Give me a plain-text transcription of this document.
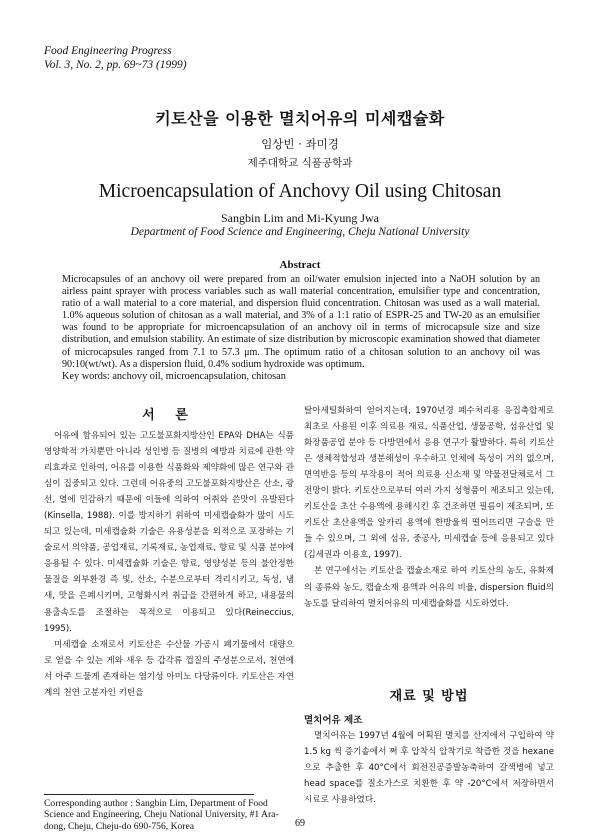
Food Engineering Progress
Vol. 3, No. 2, pp. 69~73 (1999)
키토산을 이용한 멸치어유의 미세캡슐화
임상빈 · 좌미경
제주대학교 식품공학과
Microencapsulation of Anchovy Oil using Chitosan
Sangbin Lim and Mi-Kyung Jwa
Department of Food Science and Engineering, Cheju National University
Abstract
Microcapsules of an anchovy oil were prepared from an oil/water emulsion injected into a NaOH solution by an airless paint sprayer with process variables such as wall material concentration, emulsifier type and concentration, ratio of a wall material to a core material, and dispersion fluid concentration. Chitosan was used as a wall material. 1.0% aqueous solution of chitosan as a wall material, and 3% of a 1:1 ratio of ESPR-25 and TW-20 as an emulsifier was found to be appropriate for microencapsulation of an anchovy oil in terms of microcapsule size and size distribution, and emulsion stability. An estimate of size distribution by microscopic examination showed that diameter of microcapsules ranged from 7.1 to 57.3 μm. The optimum ratio of a chitosan solution to an anchovy oil was 90:10(wt/wt). As a dispersion fluid, 0.4% sodium hydroxide was optimum.
Key words: anchovy oil, microencapsulation, chitosan
서 론

어유에 함유되어 있는 고도불포화지방산인 EPA와 DHA는 식품영양학적 가치뿐만 아니라 성인병 등 질병의 예방과 치료에 관한 약리효과로 인하여, 어유를 이용한 식품화와 제약화에 많은 연구와 관심이 집중되고 있다. 그런데 어유중의 고도불포화지방산은 산소, 광선, 열에 민감하기 때문에 이들에 의하여 어취와 쓴맛이 유발된다 (Kinsella, 1988). 이를 방지하기 위하여 미세캡슐화가 많이 시도되고 있는데, 미세캡슐화 기술은 유용성분을 외적으로 포장하는 기술로서 의약품, 공업재료, 기록재료, 농업재료, 향료 및 식품 분야에 응용될 수 있다. 미세캡슐화 기술은 향료, 영양성분 등의 불안정한 물질을 외부환경 즉 빛, 산소, 수분으로부터 격리시키고, 독성, 냄새, 맛을 은폐시키며, 고형화시켜 취급을 간편하게 하고, 내용물의 용출속도를 조절하는 목적으로 이용되고 있다(Reineccius, 1995).

미세캡슐 소재로서 키토산은 수산물 가공시 폐기물에서 대량으로 얻을 수 있는 게와 새우 등 갑각류 껍질의 주성분으로서, 천연에서 아주 드물게 존재하는 염기성 아미노 다당류이다. 키토산은 자연계의 천연 고분자인 키틴을

탈아세틸화하여 얻어지는데, 1970년경 폐수처리용 응집축합제로 최초로 사용된 이후 의료용 재료, 식품산업, 생물공학, 섬유산업 및 화장품공업 분야 등 다방면에서 응용 연구가 활발하다. 특히 키토산은 생체적합성과 생분해성이 우수하고 인체에 독성이 거의 없으며, 면역반응 등의 부작용이 적어 의료용 신소재 및 약물전달체로서 그 전망이 밝다. 키토산으로부터 여러 가지 성형품이 제조되고 있는데, 키토산을 초산 수용액에 용해시킨 후 건조하면 필름이 제조되며, 또 키토산 초산용액을 알카리 용액에 한방울씩 떨어뜨리면 구슬을 만들 수 있으며, 그 외에 섬유, 중공사, 미세캡슐 등에 응용되고 있다(김세권과 이용호, 1997).

본 연구에서는 키토산을 캡슐소재로 하여 키토산의 농도, 유화제의 종류와 농도, 캡슐소재 용액과 어유의 비율, dispersion fluid의 농도를 달리하여 멸치어유의 미세캡슐화를 시도하였다.

재료 및 방법
멸치어유 제조

멸치어유는 1997년 4월에 어획된 멸치를 산지에서 구입하여 약 1.5 kg 씩 증기솥에서 쪄 후 압착식 압착기로 착즙한 것을 hexane으로 추출한 후 40°C에서 회전진공증발농축하여 갈색병에 넣고 head space를 질소가스로 치환한 후 약 -20°C에서 저장하면서 시료로 사용하였다.

Corresponding author : Sangbin Lim, Department of Food Science and Engineering, Cheju National University, #1 Ara-dong, Cheju, Cheju-do 690-756, Korea	69
